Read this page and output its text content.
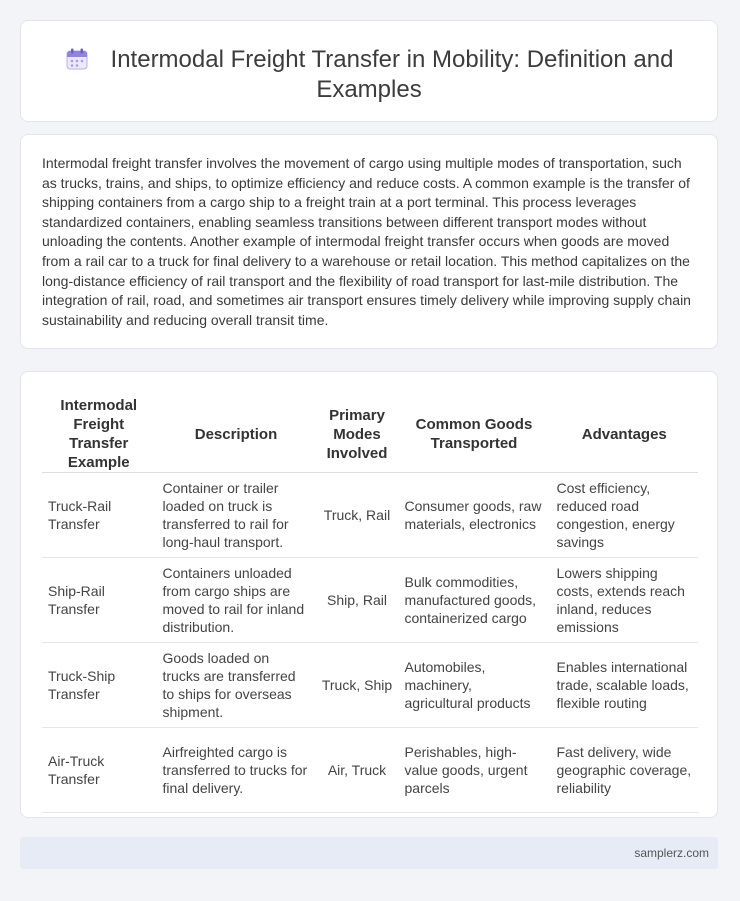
Intermodal Freight Transfer in Mobility: Definition and
Examples

Intermodal freight transfer involves the movement of cargo using multiple modes of transportation, such as trucks, trains, and ships, to optimize efficiency and reduce costs. A common example is the transfer of shipping containers from a cargo ship to a freight train at a port terminal. This process leverages standardized containers, enabling seamless transitions between different transport modes without unloading the contents. Another example of intermodal freight transfer occurs when goods are moved from a rail car to a truck for final delivery to a warehouse or retail location. This method capitalizes on the long-distance efficiency of rail transport and the flexibility of road transport for last-mile distribution. The integration of rail, road, and sometimes air transport ensures timely delivery while improving supply chain sustainability and reducing overall transit time.

Intermodal Freight Transfer Example	Description	Primary Modes Involved	Common Goods Transported	Advantages
Truck-Rail Transfer	Container or trailer loaded on truck is transferred to rail for long-haul transport.	Truck, Rail	Consumer goods, raw materials, electronics	Cost efficiency, reduced road congestion, energy savings
Ship-Rail Transfer	Containers unloaded from cargo ships are moved to rail for inland distribution.	Ship, Rail	Bulk commodities, manufactured goods, containerized cargo	Lowers shipping costs, extends reach inland, reduces emissions
Truck-Ship Transfer	Goods loaded on trucks are transferred to ships for overseas shipment.	Truck, Ship	Automobiles, machinery, agricultural products	Enables international trade, scalable loads, flexible routing
Air-Truck Transfer	Airfreighted cargo is transferred to trucks for final delivery.	Air, Truck	Perishables, high-value goods, urgent parcels	Fast delivery, wide geographic coverage, reliability
samplerz.com
